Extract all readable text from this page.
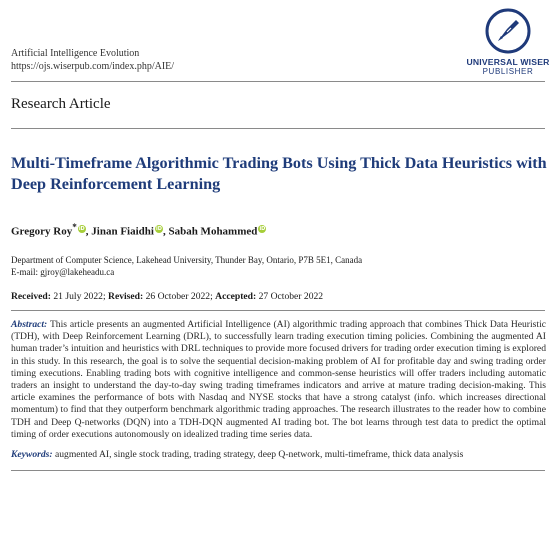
Artificial Intelligence Evolution
https://ojs.wiserpub.com/index.php/AIE/	UNIVERSAL WISER
PUBLISHER
Research Article
Multi-Timeframe Algorithmic Trading Bots Using Thick Data Heuristics with Deep Reinforcement Learning
Gregory Roy* iD, Jinan Fiaidhi iD, Sabah Mohammed iD
Department of Computer Science, Lakehead University, Thunder Bay, Ontario, P7B 5E1, Canada
E-mail: gjroy@lakeheadu.ca
Received: 21 July 2022; Revised: 26 October 2022; Accepted: 27 October 2022
Abstract: This article presents an augmented Artificial Intelligence (AI) algorithmic trading approach that combines Thick Data Heuristic (TDH), with Deep Reinforcement Learning (DRL), to successfully learn trading execution timing policies. Combining the augmented AI human trader’s intuition and heuristics with DRL techniques to provide more focused drivers for trading order execution timing is explored in this study. In this research, the goal is to solve the sequential decision-making problem of AI for profitable day and swing trading order timing executions. Enabling trading bots with cognitive intelligence and common-sense heuristics will offer traders including automatic traders an insight to understand the day-to-day swing trading timeframes indicators and arrive at mature trading decision-making. This article examines the performance of bots with Nasdaq and NYSE stocks that have a strong catalyst (info. which increases directional momentum) to find that they outperform benchmark algorithmic trading approaches. The research illustrates to the reader how to combine TDH and Deep Q-networks (DQN) into a TDH-DQN augmented AI trading bot. The bot learns through test data to predict the optimal timing of order executions autonomously on idealized trading time series data.
Keywords: augmented AI, single stock trading, trading strategy, deep Q-network, multi-timeframe, thick data analysis
